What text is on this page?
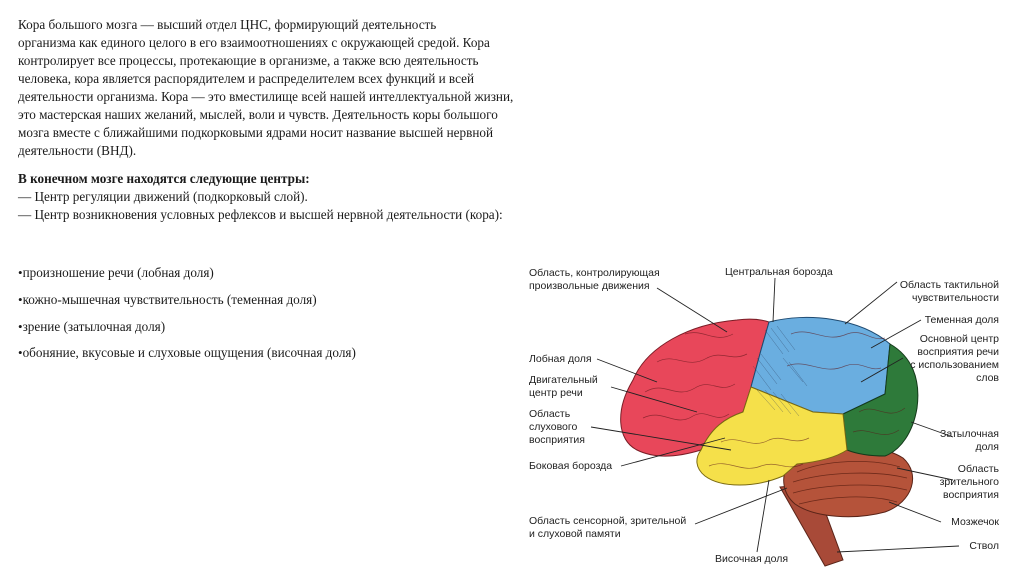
Кора большого мозга –– высший отдел ЦНС, формирующий деятельность

организма как единого целого в его взаимоотношениях с окружающей средой. Кора

контролирует все процессы, протекающие в организме, а также всю деятельность

человека, кора является распорядителем и распределителем всех функций и всей

деятельности организма. Кора — это вместилище всей нашей интеллектуальной жизни,

это мастерская наших желаний, мыслей, воли и чувств. Деятельность коры большого

мозга вместе с ближайшими подкорковыми ядрами носит название высшей нервной

деятельности (ВНД).

В конечном мозге находятся следующие центры:
— Центр регуляции движений (подкорковый слой).
— Центр возникновения условных рефлексов и высшей нервной деятельности (кора):
•произношение речи (лобная доля)
•кожно-мышечная чувствительность (теменная доля)
•зрение (затылочная доля)
•обоняние, вкусовые и слуховые ощущения (височная доля)
Область, контролирующая
произвольные движения
Центральная борозда
Область тактильной
чувствительности
Теменная доля
Основной центр
восприятия речи
с использованием
слов
Лобная доля
Двигательный
центр речи
Область
слухового
восприятия
Боковая борозда
Затылочная
доля
Область
зрительного
восприятия
Мозжечок
Ствол
Область сенсорной, зрительной
и слуховой памяти
Височная доля
